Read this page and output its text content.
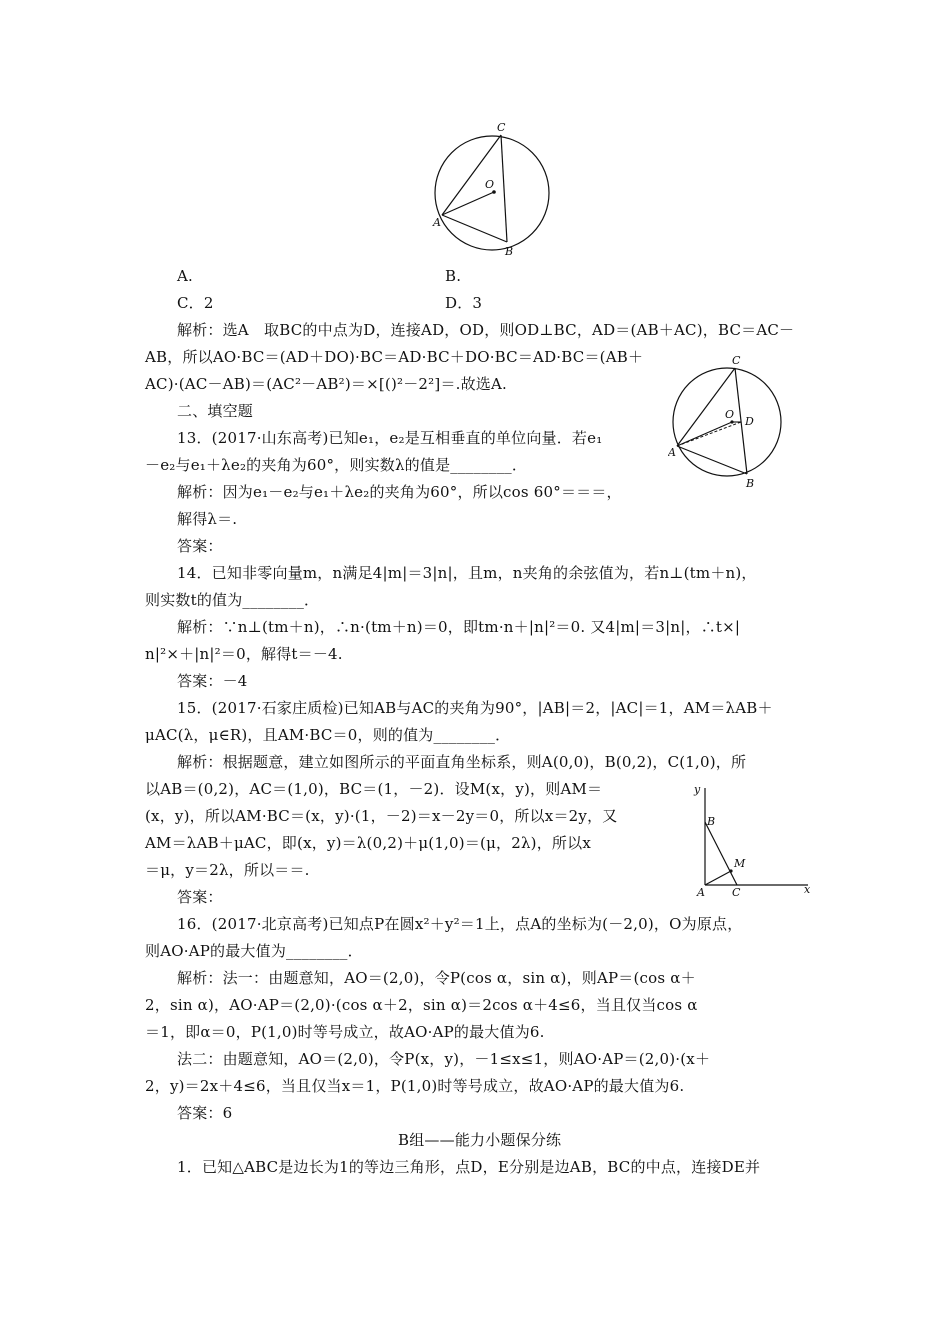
C
O
A
B
C
O
D
A
B
y
B
M
A C	x
A.	B.
C．2	D．3
解析：选A　取BC的中点为D，连接AD，OD，则OD⊥BC，AD＝(AB＋AC)，BC＝AC－
AB，所以AO·BC＝(AD＋DO)·BC＝AD·BC＋DO·BC＝AD·BC＝(AB＋
AC)·(AC－AB)＝(AC²－AB²)＝×[()²－2²]＝.故选A.
二、填空题
13．(2017·山东高考)已知e₁，e₂是互相垂直的单位向量．若e₁
－e₂与e₁＋λe₂的夹角为60°，则实数λ的值是________．
解析：因为e₁－e₂与e₁＋λe₂的夹角为60°，所以cos 60°＝＝＝，
解得λ＝.
答案：
14．已知非零向量m，n满足4|m|＝3|n|，且m，n夹角的余弦值为，若n⊥(tm＋n)，
则实数t的值为________．
解析：∵n⊥(tm＋n)，∴n·(tm＋n)＝0，即tm·n＋|n|²＝0. 又4|m|＝3|n|，∴t×|
n|²×＋|n|²＝0，解得t＝－4.
答案：－4
15．(2017·石家庄质检)已知AB与AC的夹角为90°，|AB|＝2，|AC|＝1，AM＝λAB＋
μAC(λ，μ∈R)，且AM·BC＝0，则的值为________．
解析：根据题意，建立如图所示的平面直角坐标系，则A(0,0)，B(0,2)，C(1,0)，所
以AB＝(0,2)，AC＝(1,0)，BC＝(1，－2)．设M(x，y)，则AM＝
(x，y)，所以AM·BC＝(x，y)·(1，－2)＝x－2y＝0，所以x＝2y，又
AM＝λAB＋μAC，即(x，y)＝λ(0,2)＋μ(1,0)＝(μ，2λ)，所以x
＝μ，y＝2λ，所以＝＝.
答案：
16．(2017·北京高考)已知点P在圆x²＋y²＝1上，点A的坐标为(－2,0)，O为原点，
则AO·AP的最大值为________．
解析：法一：由题意知，AO＝(2,0)，令P(cos α，sin α)，则AP＝(cos α＋
2，sin α)，AO·AP＝(2,0)·(cos α＋2，sin α)＝2cos α＋4≤6，当且仅当cos α
＝1，即α＝0，P(1,0)时等号成立，故AO·AP的最大值为6.
法二：由题意知，AO＝(2,0)，令P(x，y)，－1≤x≤1，则AO·AP＝(2,0)·(x＋
2，y)＝2x＋4≤6，当且仅当x＝1，P(1,0)时等号成立，故AO·AP的最大值为6.
答案：6
B组——能力小题保分练
1．已知△ABC是边长为1的等边三角形，点D，E分别是边AB，BC的中点，连接DE并
